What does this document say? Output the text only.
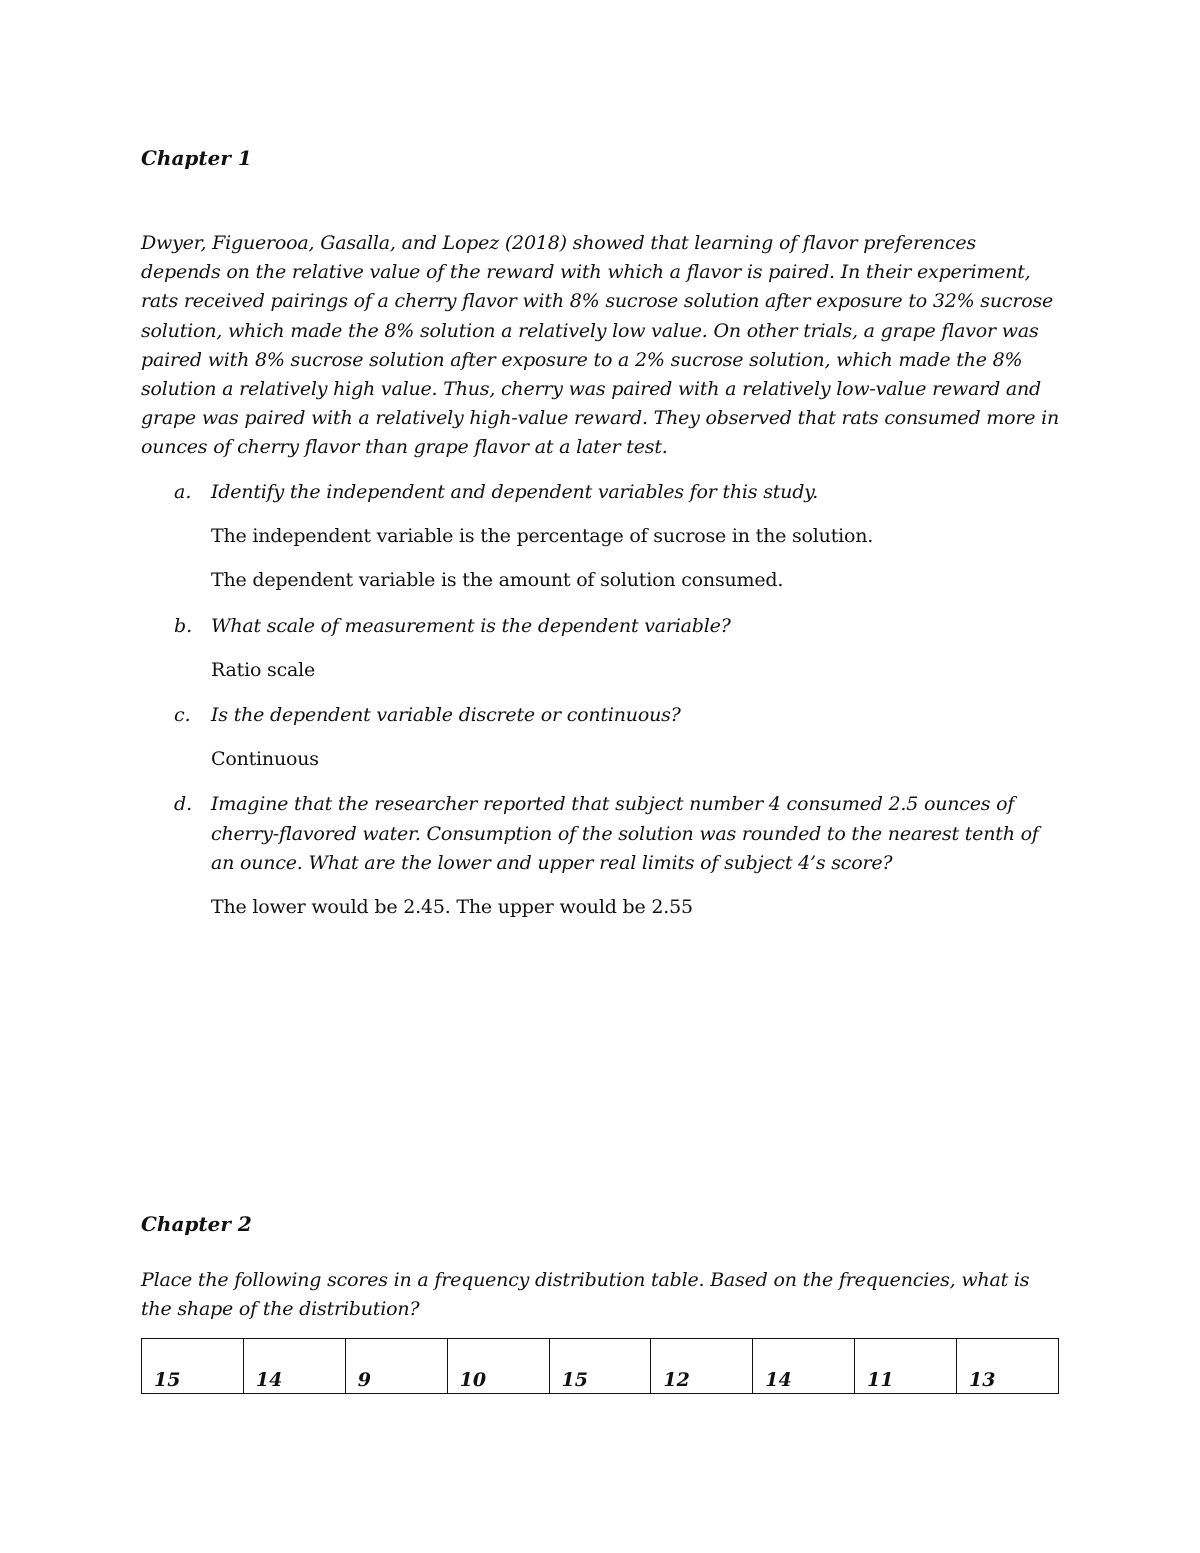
Chapter 1
Dwyer, Figuerooa, Gasalla, and Lopez (2018) showed that learning of flavor preferences
depends on the relative value of the reward with which a flavor is paired. In their experiment,
rats received pairings of a cherry flavor with 8% sucrose solution after exposure to 32% sucrose
solution, which made the 8% solution a relatively low value. On other trials, a grape flavor was
paired with 8% sucrose solution after exposure to a 2% sucrose solution, which made the 8%
solution a relatively high value. Thus, cherry was paired with a relatively low-value reward and
grape was paired with a relatively high-value reward. They observed that rats consumed more in
ounces of cherry flavor than grape flavor at a later test.
a. Identify the independent and dependent variables for this study.

The independent variable is the percentage of sucrose in the solution.

The dependent variable is the amount of solution consumed.

b. What scale of measurement is the dependent variable?

Ratio scale

c. Is the dependent variable discrete or continuous?

Continuous

d. Imagine that the researcher reported that subject number 4 consumed 2.5 ounces of

cherry-flavored water. Consumption of the solution was rounded to the nearest tenth of

an ounce. What are the lower and upper real limits of subject 4’s score?

The lower would be 2.45. The upper would be 2.55

Chapter 2
Place the following scores in a frequency distribution table. Based on the frequencies, what is
the shape of the distribution?
15	14	9	10	15	12	14	11	13
